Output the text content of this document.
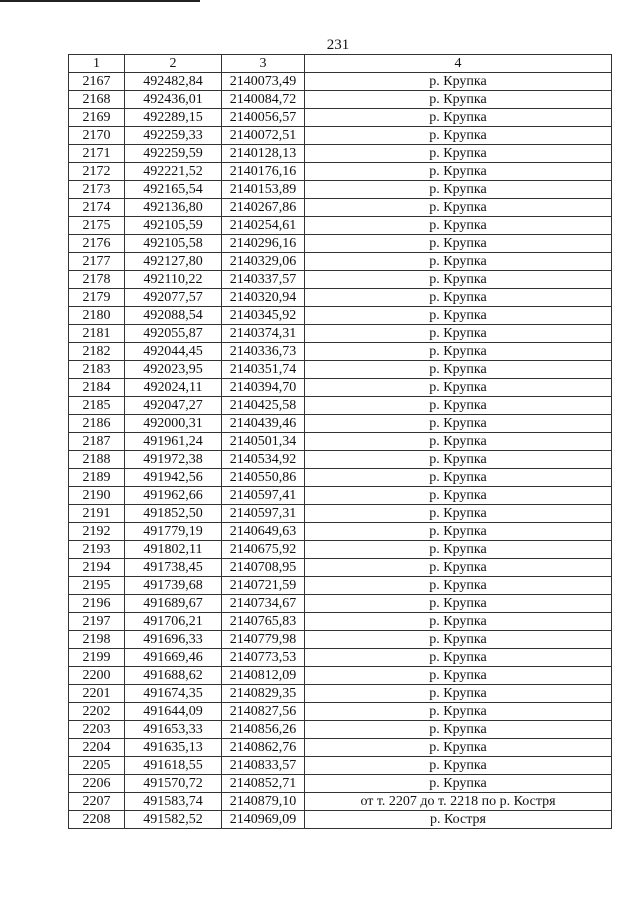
231
1	2	3	4
2167	492482,84	2140073,49	р. Крупка
2168	492436,01	2140084,72	р. Крупка
2169	492289,15	2140056,57	р. Крупка
2170	492259,33	2140072,51	р. Крупка
2171	492259,59	2140128,13	р. Крупка
2172	492221,52	2140176,16	р. Крупка
2173	492165,54	2140153,89	р. Крупка
2174	492136,80	2140267,86	р. Крупка
2175	492105,59	2140254,61	р. Крупка
2176	492105,58	2140296,16	р. Крупка
2177	492127,80	2140329,06	р. Крупка
2178	492110,22	2140337,57	р. Крупка
2179	492077,57	2140320,94	р. Крупка
2180	492088,54	2140345,92	р. Крупка
2181	492055,87	2140374,31	р. Крупка
2182	492044,45	2140336,73	р. Крупка
2183	492023,95	2140351,74	р. Крупка
2184	492024,11	2140394,70	р. Крупка
2185	492047,27	2140425,58	р. Крупка
2186	492000,31	2140439,46	р. Крупка
2187	491961,24	2140501,34	р. Крупка
2188	491972,38	2140534,92	р. Крупка
2189	491942,56	2140550,86	р. Крупка
2190	491962,66	2140597,41	р. Крупка
2191	491852,50	2140597,31	р. Крупка
2192	491779,19	2140649,63	р. Крупка
2193	491802,11	2140675,92	р. Крупка
2194	491738,45	2140708,95	р. Крупка
2195	491739,68	2140721,59	р. Крупка
2196	491689,67	2140734,67	р. Крупка
2197	491706,21	2140765,83	р. Крупка
2198	491696,33	2140779,98	р. Крупка
2199	491669,46	2140773,53	р. Крупка
2200	491688,62	2140812,09	р. Крупка
2201	491674,35	2140829,35	р. Крупка
2202	491644,09	2140827,56	р. Крупка
2203	491653,33	2140856,26	р. Крупка
2204	491635,13	2140862,76	р. Крупка
2205	491618,55	2140833,57	р. Крупка
2206	491570,72	2140852,71	р. Крупка
2207	491583,74	2140879,10	от т. 2207 до т. 2218 по р. Костря
2208	491582,52	2140969,09	р. Костря
